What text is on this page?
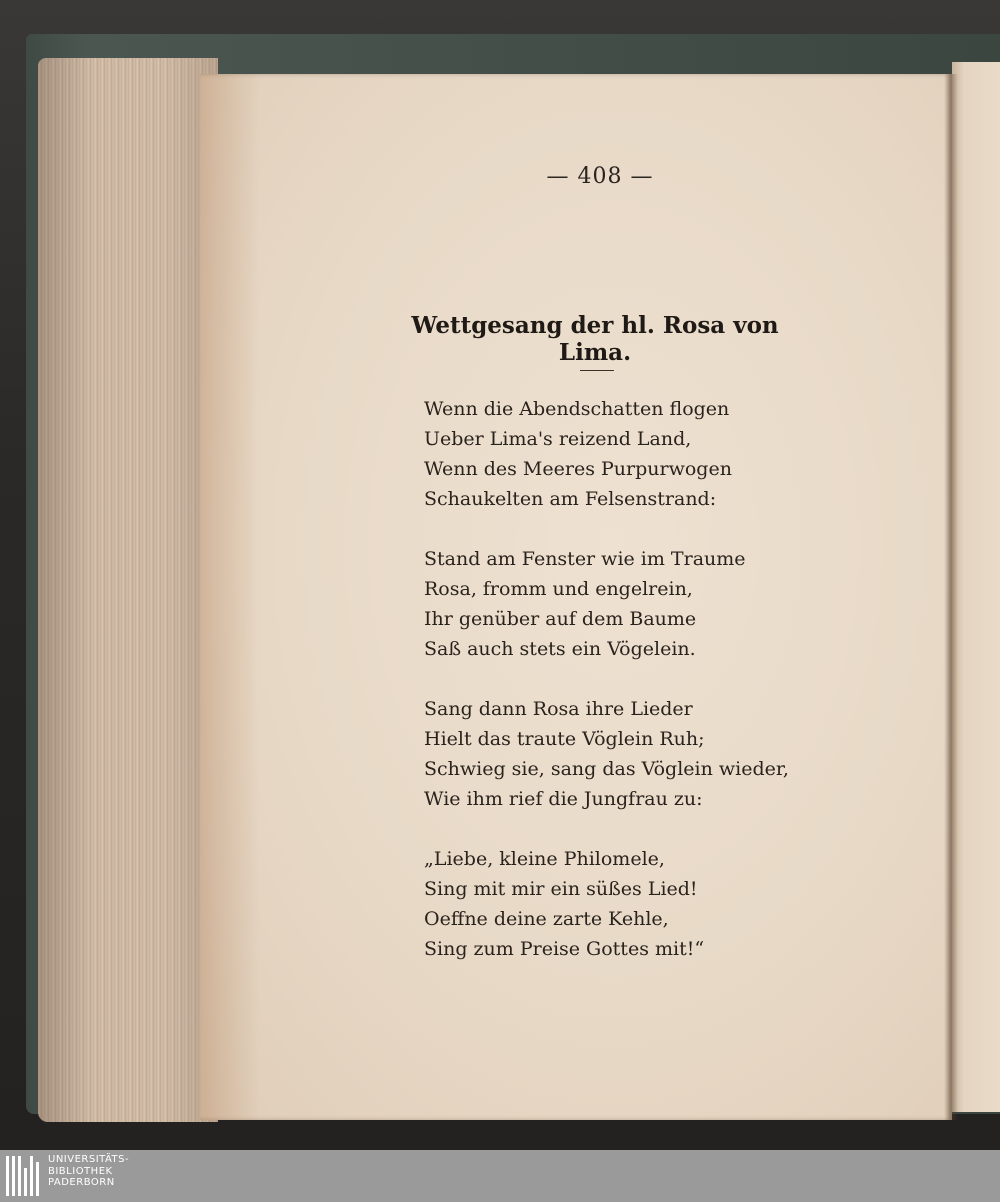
— 408 —
Wettgesang der hl. Rosa von Lima.
Wenn die Abendschatten flogen
Ueber Lima's reizend Land,
Wenn des Meeres Purpurwogen
Schaukelten am Felsenstrand:
Stand am Fenster wie im Traume
Rosa, fromm und engelrein,
Ihr genüber auf dem Baume
Saß auch stets ein Vögelein.
Sang dann Rosa ihre Lieder
Hielt das traute Vöglein Ruh;
Schwieg sie, sang das Vöglein wieder,
Wie ihm rief die Jungfrau zu:
„Liebe, kleine Philomele,
Sing mit mir ein süßes Lied!
Oeffne deine zarte Kehle,
Sing zum Preise Gottes mit!“
UNIVERSITÄTS-
BIBLIOTHEK
PADERBORN
